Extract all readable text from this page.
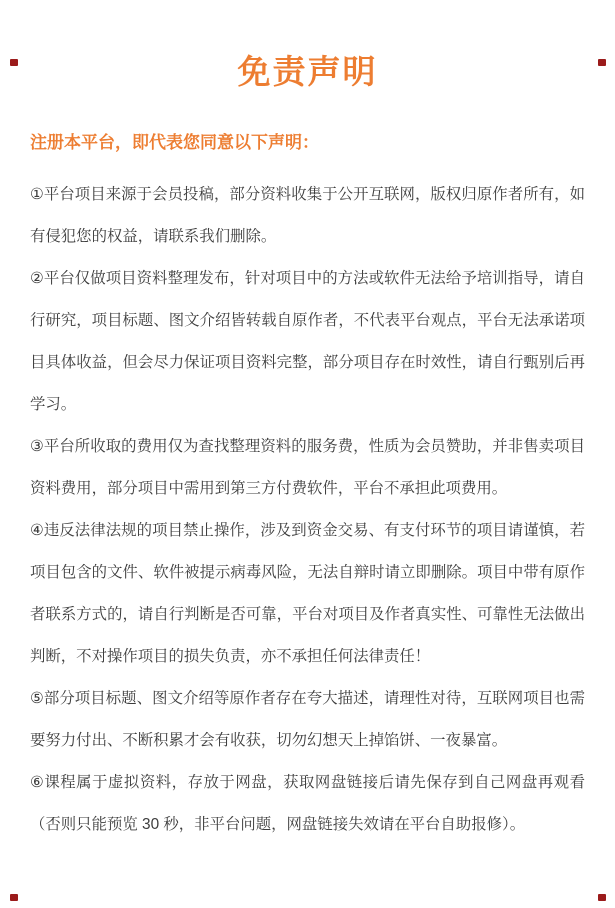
免责声明
注册本平台，即代表您同意以下声明：

①平台项目来源于会员投稿，部分资料收集于公开互联网，版权归原作者所有，如有侵犯您的权益，请联系我们删除。

②平台仅做项目资料整理发布，针对项目中的方法或软件无法给予培训指导，请自行研究，项目标题、图文介绍皆转载自原作者，不代表平台观点，平台无法承诺项目具体收益，但会尽力保证项目资料完整，部分项目存在时效性，请自行甄别后再学习。

③平台所收取的费用仅为查找整理资料的服务费，性质为会员赞助，并非售卖项目资料费用，部分项目中需用到第三方付费软件，平台不承担此项费用。

④违反法律法规的项目禁止操作，涉及到资金交易、有支付环节的项目请谨慎，若项目包含的文件、软件被提示病毒风险，无法自辩时请立即删除。项目中带有原作者联系方式的，请自行判断是否可靠，平台对项目及作者真实性、可靠性无法做出判断，不对操作项目的损失负责，亦不承担任何法律责任！

⑤部分项目标题、图文介绍等原作者存在夸大描述，请理性对待，互联网项目也需要努力付出、不断积累才会有收获，切勿幻想天上掉馅饼、一夜暴富。

⑥课程属于虚拟资料，存放于网盘，获取网盘链接后请先保存到自己网盘再观看（否则只能预览 30 秒，非平台问题，网盘链接失效请在平台自助报修）。
